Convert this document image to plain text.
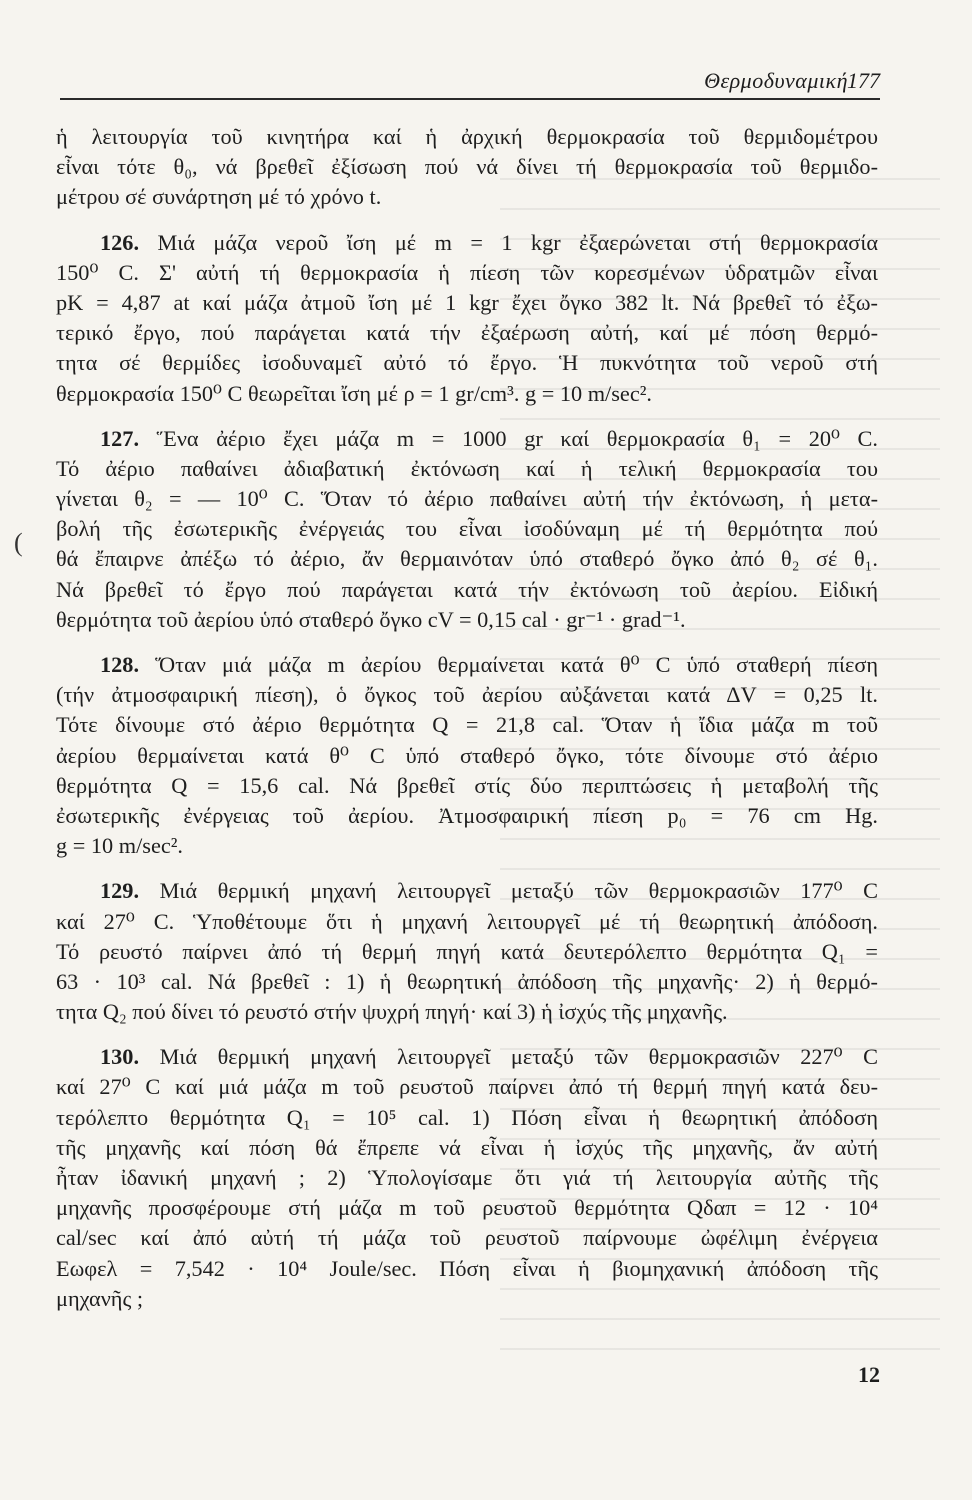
Θερμοδυναμική 177
(
ἡ λειτουργία τοῦ κινητήρα καί ἡ ἀρχική θερμοκρασία τοῦ θερμιδομέτρου
εἶναι τότε θ₀, νά βρεθεῖ ἐξίσωση πού νά δίνει τή θερμοκρασία τοῦ θερμιδο-
μέτρου σέ συνάρτηση μέ τό χρόνο t.
126. Μιά μάζα νεροῦ ἴση μέ m = 1 kgr ἐξαερώνεται στή θερμοκρασία
150⁰ C. Σ' αὐτή τή θερμοκρασία ἡ πίεση τῶν κορεσμένων ὑδρατμῶν εἶναι
pK = 4,87 at καί μάζα ἀτμοῦ ἴση μέ 1 kgr ἔχει ὄγκο 382 lt. Νά βρεθεῖ τό ἐξω-
τερικό ἔργο, πού παράγεται κατά τήν ἐξαέρωση αὐτή, καί μέ πόση θερμό-
τητα σέ θερμίδες ἰσοδυναμεῖ αὐτό τό ἔργο. Ἡ πυκνότητα τοῦ νεροῦ στή
θερμοκρασία 150⁰ C θεωρεῖται ἴση μέ ρ = 1 gr/cm³. g = 10 m/sec².
127. Ἕνα ἀέριο ἔχει μάζα m = 1000 gr καί θερμοκρασία θ₁ = 20⁰ C.
Τό ἀέριο παθαίνει ἀδιαβατική ἐκτόνωση καί ἡ τελική θερμοκρασία του
γίνεται θ₂ = — 10⁰ C. Ὅταν τό ἀέριο παθαίνει αὐτή τήν ἐκτόνωση, ἡ μετα-
βολή τῆς ἐσωτερικῆς ἐνέργειάς του εἶναι ἰσοδύναμη μέ τή θερμότητα πού
θά ἔπαιρνε ἀπέξω τό ἀέριο, ἄν θερμαινόταν ὑπό σταθερό ὄγκο ἀπό θ₂ σέ θ₁.
Νά βρεθεῖ τό ἔργο πού παράγεται κατά τήν ἐκτόνωση τοῦ ἀερίου. Εἰδική
θερμότητα τοῦ ἀερίου ὑπό σταθερό ὄγκο cV = 0,15 cal · gr⁻¹ · grad⁻¹.
128. Ὅταν μιά μάζα m ἀερίου θερμαίνεται κατά θ⁰ C ὑπό σταθερή πίεση
(τήν ἀτμοσφαιρική πίεση), ὁ ὄγκος τοῦ ἀερίου αὐξάνεται κατά ΔV = 0,25 lt.
Τότε δίνουμε στό ἀέριο θερμότητα Q = 21,8 cal. Ὅταν ἡ ἴδια μάζα m τοῦ
ἀερίου θερμαίνεται κατά θ⁰ C ὑπό σταθερό ὄγκο, τότε δίνουμε στό ἀέριο
θερμότητα Q = 15,6 cal. Νά βρεθεῖ στίς δύο περιπτώσεις ἡ μεταβολή τῆς
ἐσωτερικῆς ἐνέργειας τοῦ ἀερίου. Ἀτμοσφαιρική πίεση p₀ = 76 cm Hg.
g = 10 m/sec².
129. Μιά θερμική μηχανή λειτουργεῖ μεταξύ τῶν θερμοκρασιῶν 177⁰ C
καί 27⁰ C. Ὑποθέτουμε ὅτι ἡ μηχανή λειτουργεῖ μέ τή θεωρητική ἀπόδοση.
Τό ρευστό παίρνει ἀπό τή θερμή πηγή κατά δευτερόλεπτο θερμότητα Q₁ =
63 · 10³ cal. Νά βρεθεῖ : 1) ἡ θεωρητική ἀπόδοση τῆς μηχανῆς· 2) ἡ θερμό-
τητα Q₂ πού δίνει τό ρευστό στήν ψυχρή πηγή· καί 3) ἡ ἰσχύς τῆς μηχανῆς.
130. Μιά θερμική μηχανή λειτουργεῖ μεταξύ τῶν θερμοκρασιῶν 227⁰ C
καί 27⁰ C καί μιά μάζα m τοῦ ρευστοῦ παίρνει ἀπό τή θερμή πηγή κατά δευ-
τερόλεπτο θερμότητα Q₁ = 10⁵ cal. 1) Πόση εἶναι ἡ θεωρητική ἀπόδοση
τῆς μηχανῆς καί πόση θά ἔπρεπε νά εἶναι ἡ ἰσχύς τῆς μηχανῆς, ἄν αὐτή
ἦταν ἰδανική μηχανή ; 2) Ὑπολογίσαμε ὅτι γιά τή λειτουργία αὐτῆς τῆς
μηχανῆς προσφέρουμε στή μάζα m τοῦ ρευστοῦ θερμότητα Qδαπ = 12 · 10⁴
cal/sec καί ἀπό αὐτή τή μάζα τοῦ ρευστοῦ παίρνουμε ὠφέλιμη ἐνέργεια
Eωφελ = 7,542 · 10⁴ Joule/sec. Πόση εἶναι ἡ βιομηχανική ἀπόδοση τῆς
μηχανῆς ;
12
